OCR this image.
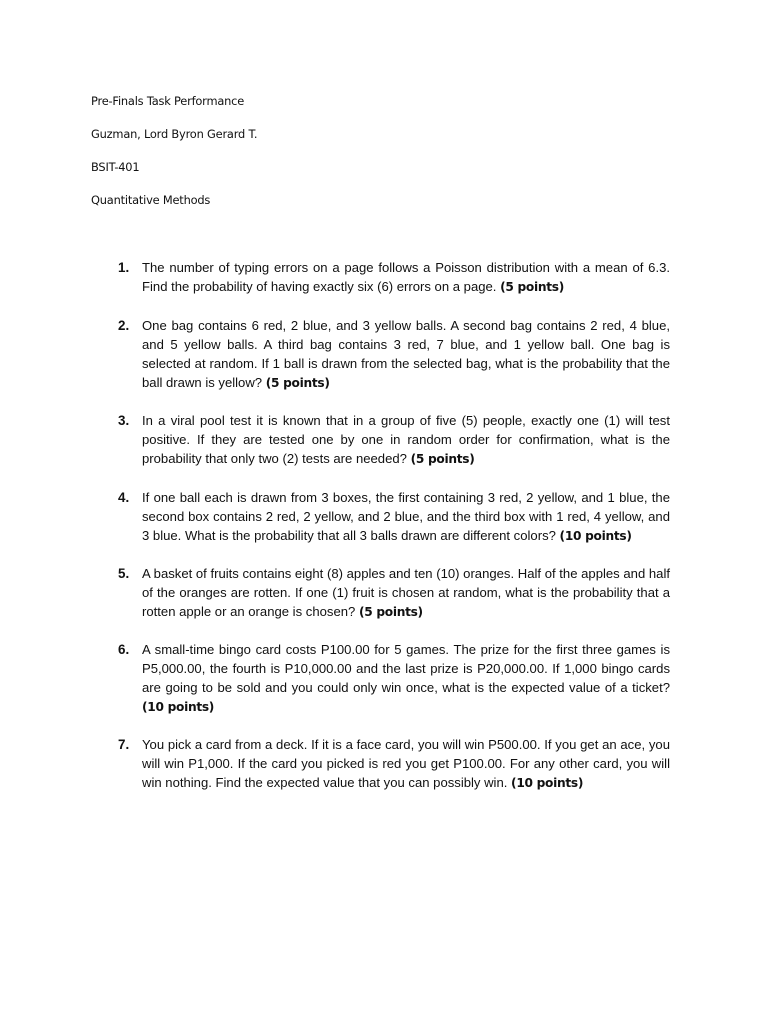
Pre-Finals Task Performance
Guzman, Lord Byron Gerard T.
BSIT-401
Quantitative Methods
1. The number of typing errors on a page follows a Poisson distribution with a mean of 6.3. Find the probability of having exactly six (6) errors on a page. (5 points)
2. One bag contains 6 red, 2 blue, and 3 yellow balls. A second bag contains 2 red, 4 blue, and 5 yellow balls. A third bag contains 3 red, 7 blue, and 1 yellow ball. One bag is selected at random. If 1 ball is drawn from the selected bag, what is the probability that the ball drawn is yellow? (5 points)
3. In a viral pool test it is known that in a group of five (5) people, exactly one (1) will test positive. If they are tested one by one in random order for confirmation, what is the probability that only two (2) tests are needed? (5 points)
4. If one ball each is drawn from 3 boxes, the first containing 3 red, 2 yellow, and 1 blue, the second box contains 2 red, 2 yellow, and 2 blue, and the third box with 1 red, 4 yellow, and 3 blue. What is the probability that all 3 balls drawn are different colors? (10 points)
5. A basket of fruits contains eight (8) apples and ten (10) oranges. Half of the apples and half of the oranges are rotten. If one (1) fruit is chosen at random, what is the probability that a rotten apple or an orange is chosen? (5 points)
6. A small-time bingo card costs P100.00 for 5 games. The prize for the first three games is P5,000.00, the fourth is P10,000.00 and the last prize is P20,000.00. If 1,000 bingo cards are going to be sold and you could only win once, what is the expected value of a ticket? (10 points)
7. You pick a card from a deck. If it is a face card, you will win P500.00. If you get an ace, you will win P1,000. If the card you picked is red you get P100.00. For any other card, you will win nothing. Find the expected value that you can possibly win. (10 points)
